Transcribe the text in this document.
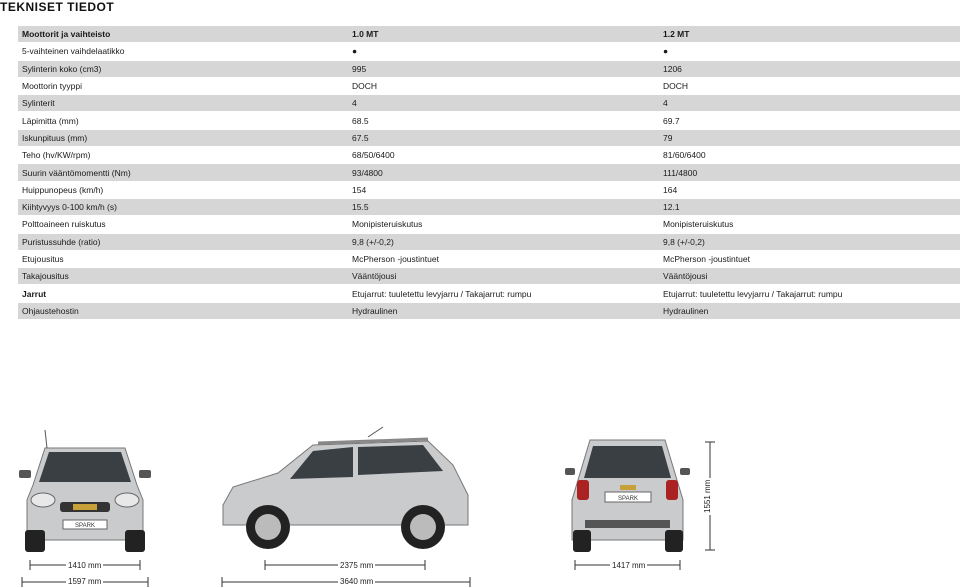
TEKNISET TIEDOT
Moottorit ja vaihteisto	1.0 MT	1.2 MT
5-vaihteinen vaihdelaatikko	●	●
Sylinterin koko (cm3)	995	1206
Moottorin tyyppi	DOCH	DOCH
Sylinterit	4	4
Läpimitta (mm)	68.5	69.7
Iskunpituus (mm)	67.5	79
Teho (hv/KW/rpm)	68/50/6400	81/60/6400
Suurin vääntömomentti (Nm)	93/4800	111/4800
Huippunopeus (km/h)	154	164
Kiihtyvyys 0-100 km/h (s)	15.5	12.1
Polttoaineen ruiskutus	Monipisteruiskutus	Monipisteruiskutus
Puristussuhde (ratio)	9,8 (+/-0,2)	9,8 (+/-0,2)
Etujousitus	McPherson -joustintuet	McPherson -joustintuet
Takajousitus	Vääntöjousi	Vääntöjousi
Jarrut	Etujarrut: tuuletettu levyjarru / Takajarrut: rumpu	Etujarrut: tuuletettu levyjarru / Takajarrut: rumpu
Ohjaustehostin	Hydraulinen	Hydraulinen
SPARK
SPARK
1410 mm
1597 mm
2375 mm
3640 mm
1417 mm
1551 mm
